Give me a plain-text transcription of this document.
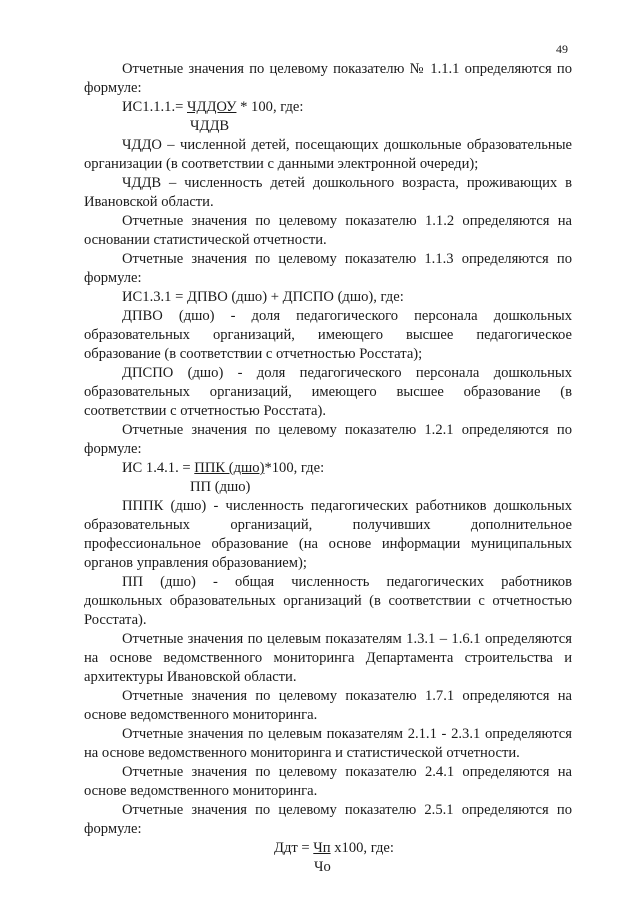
49

Отчетные значения по целевому показателю № 1.1.1 определяются по формуле:

ИС1.1.1.= ЧДДОУ * 100, где:
ЧДДВ

ЧДДО – численной детей, посещающих дошкольные образовательные организации (в соответствии с данными электронной очереди);

ЧДДВ – численность детей дошкольного возраста, проживающих в Ивановской области.

Отчетные значения по целевому показателю 1.1.2 определяются на основании статистической отчетности.

Отчетные значения по целевому показателю 1.1.3 определяются по формуле:

ИС1.3.1 = ДПВО (дшо) + ДПСПО (дшо), где:

ДПВО (дшо) - доля педагогического персонала дошкольных образовательных организаций, имеющего высшее педагогическое образование (в соответствии с отчетностью Росстата);

ДПСПО (дшо) - доля педагогического персонала дошкольных образовательных организаций, имеющего высшее образование (в соответствии с отчетностью Росстата).

Отчетные значения по целевому показателю 1.2.1 определяются по формуле:

ИС 1.4.1. = ППК (дшо)*100, где:
ПП (дшо)

ПППК (дшо) - численность педагогических работников дошкольных образовательных организаций, получивших дополнительное профессиональное образование (на основе информации муниципальных органов управления образованием);

ПП (дшо) - общая численность педагогических работников дошкольных образовательных организаций (в соответствии с отчетностью Росстата).

Отчетные значения по целевым показателям 1.3.1 – 1.6.1 определяются на основе ведомственного мониторинга Департамента строительства и архитектуры Ивановской области.

Отчетные значения по целевому показателю 1.7.1 определяются на основе ведомственного мониторинга.

Отчетные значения по целевым показателям 2.1.1 - 2.3.1 определяются на основе ведомственного мониторинга и статистической отчетности.

Отчетные значения по целевому показателю 2.4.1 определяются на основе ведомственного мониторинга.

Отчетные значения по целевому показателю 2.5.1 определяются по формуле:

Ддт = Чп x100, где:
Чо
